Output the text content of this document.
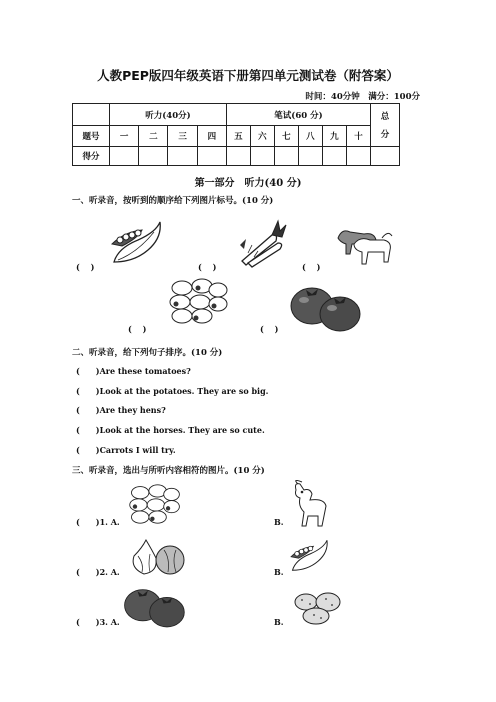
人教PEP版四年级英语下册第四单元测试卷（附答案）
时间：40分钟　满分：100分
	听力(40分)				笔试(60 分)						总
分

题号	一	二	三	四	五	六	七	八	九	十	
得分											
第一部分　听力(40 分)
一、听录音，按听到的顺序给下列图片标号。(10 分)
(　 )	(　 )	(　 )
(　 )	(　 )
二、听录音，给下列句子排序。(10 分)
(　　)Are these tomatoes?
(　　)Look at the potatoes. They are so big.
(　　)Are they hens?
(　　)Look at the horses. They are so cute.
(　　)Carrots I will try.
三、听录音，选出与所听内容相符的图片。(10 分)
(　　)1. A.	B.
(　　)2. A.	B.
(　　)3. A.	B.
